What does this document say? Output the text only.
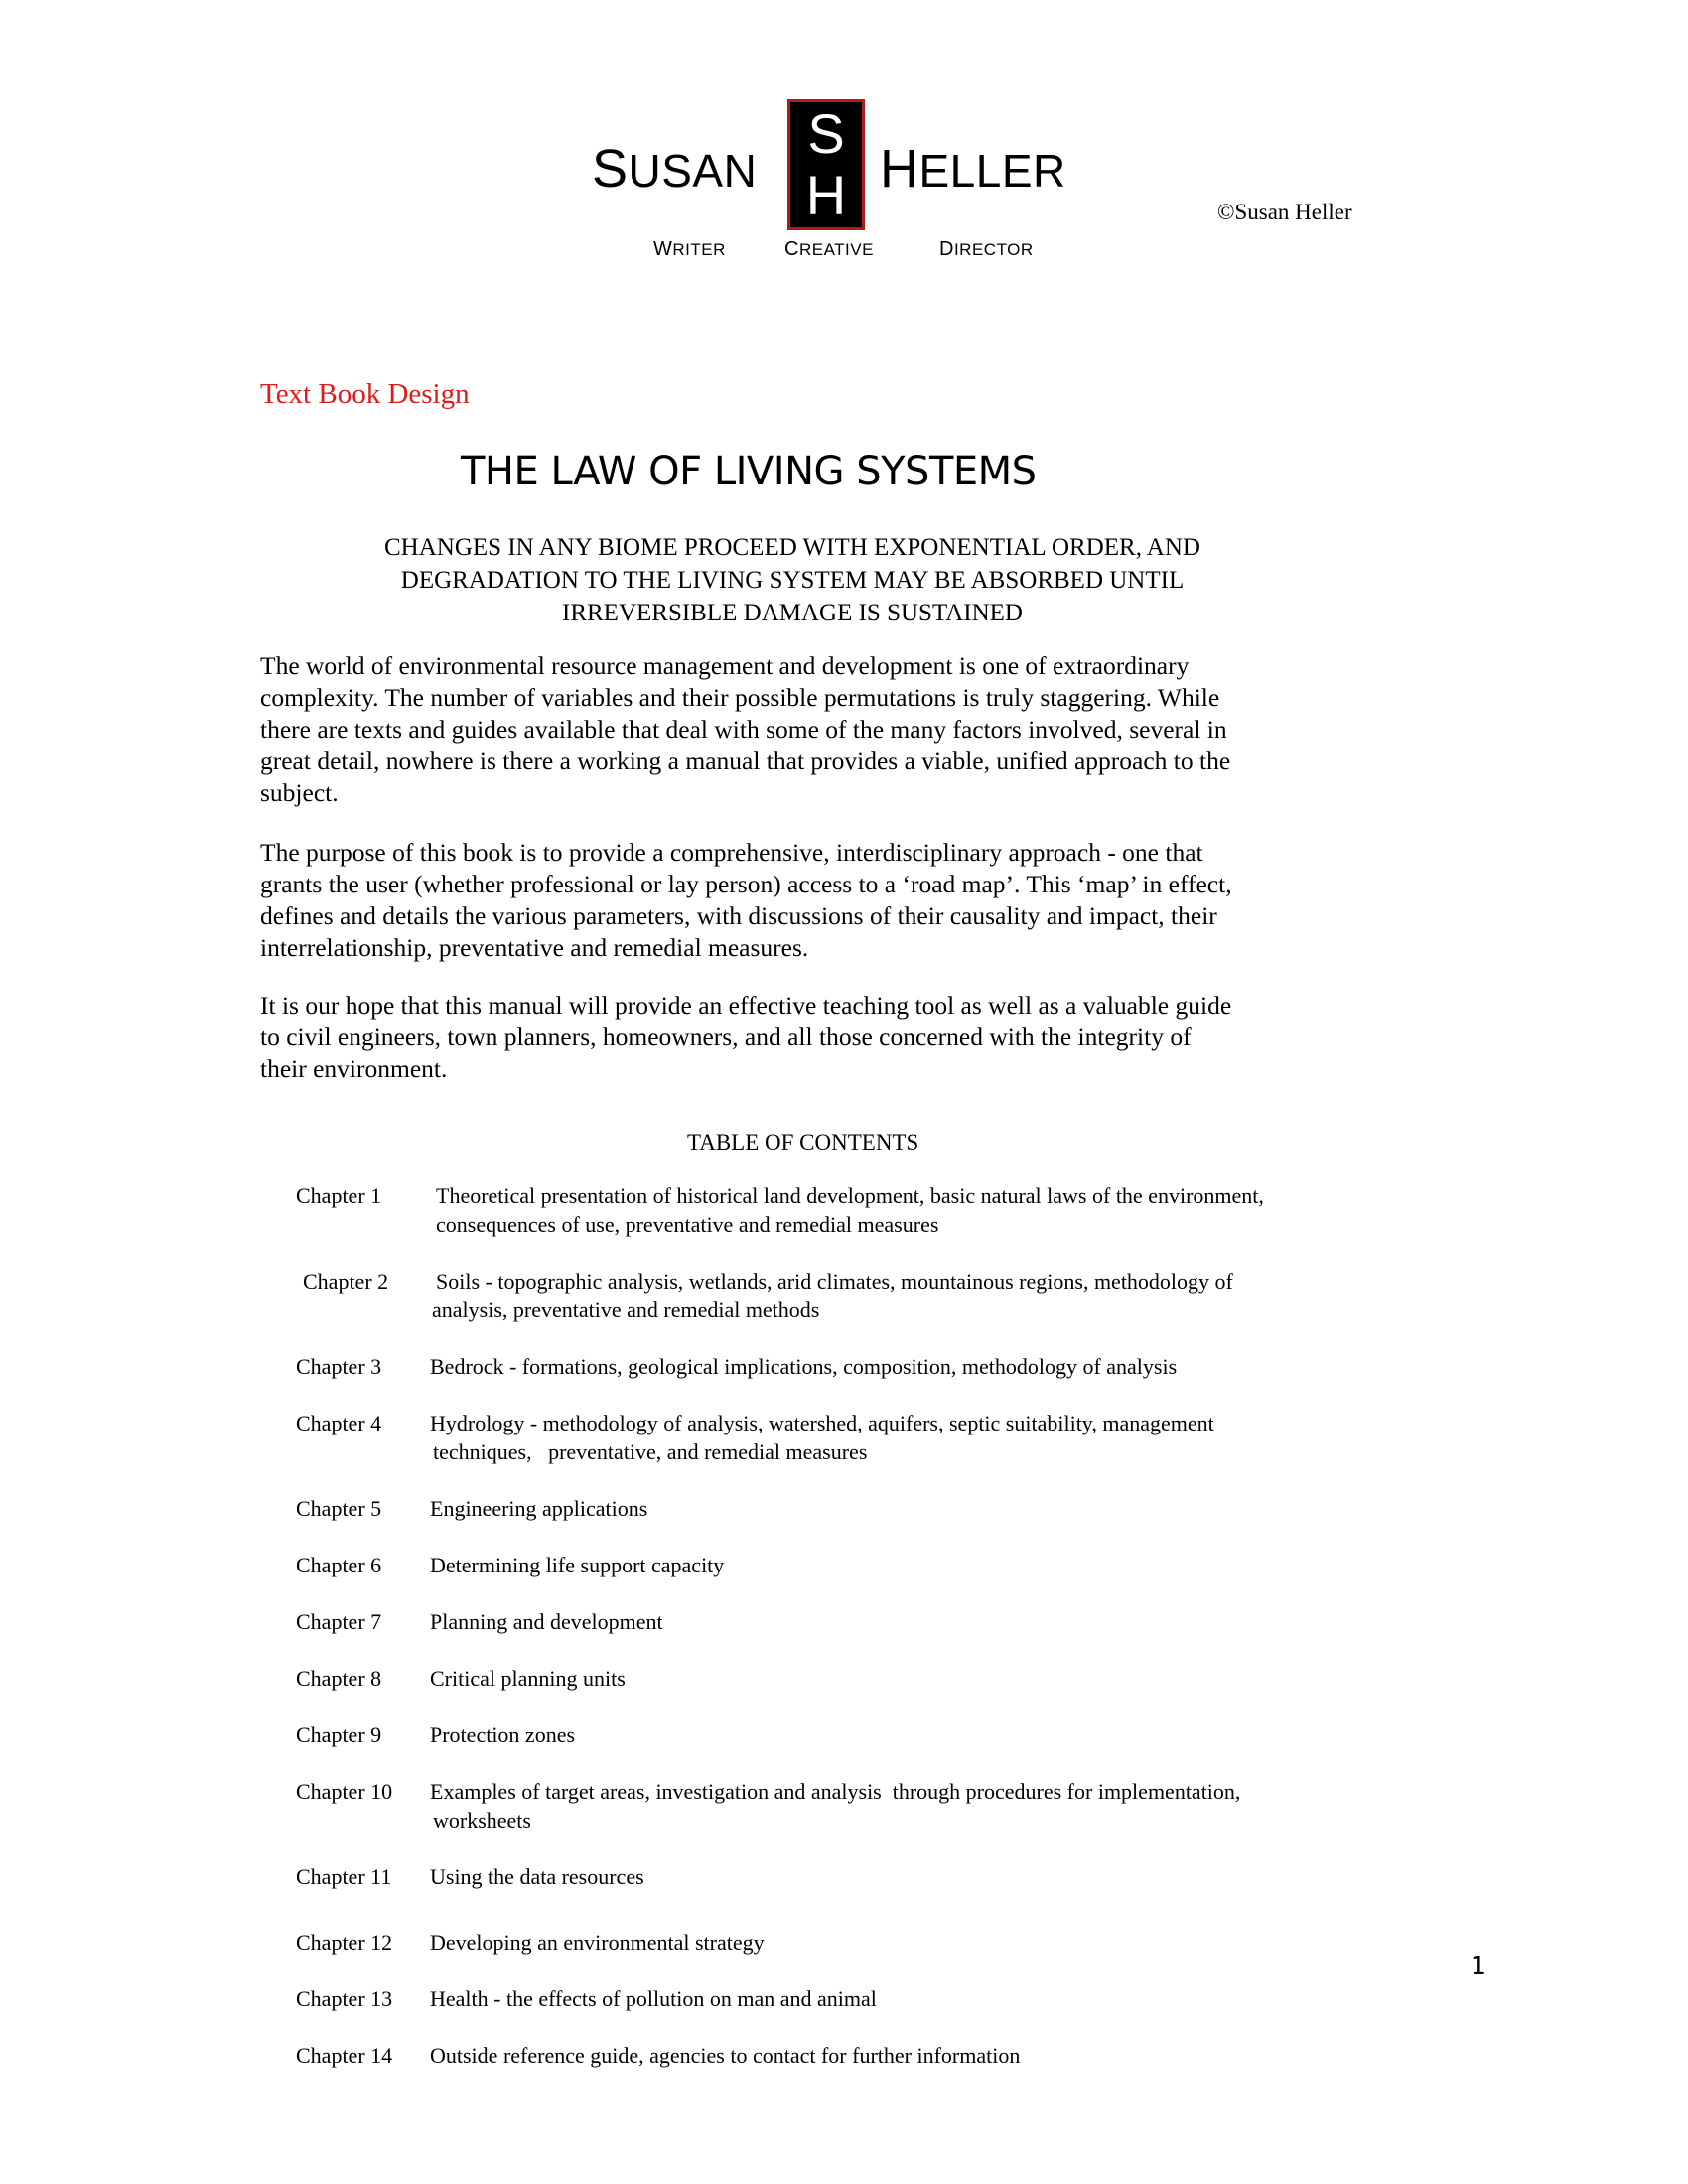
SUSAN
S
H HELLER
WRITER	CREATIVE	DIRECTOR
©Susan Heller
Text Book Design
THE LAW OF LIVING SYSTEMS
CHANGES IN ANY BIOME PROCEED WITH EXPONENTIAL ORDER, AND
DEGRADATION TO THE LIVING SYSTEM MAY BE ABSORBED UNTIL
IRREVERSIBLE DAMAGE IS SUSTAINED
The world of environmental resource management and development is one of extraordinary
complexity. The number of variables and their possible permutations is truly staggering. While
there are texts and guides available that deal with some of the many factors involved, several in
great detail, nowhere is there a working a manual that provides a viable, unified approach to the
subject.
The purpose of this book is to provide a comprehensive, interdisciplinary approach - one that
grants the user (whether professional or lay person) access to a ‘road map’. This ‘map’ in effect,
defines and details the various parameters, with discussions of their causality and impact, their
interrelationship, preventative and remedial measures.
It is our hope that this manual will provide an effective teaching tool as well as a valuable guide
to civil engineers, town planners, homeowners, and all those concerned with the integrity of
their environment.
TABLE OF CONTENTS
Chapter 1 Theoretical presentation of historical land development, basic natural laws of the environment,
consequences of use, preventative and remedial measures
Chapter 2 Soils - topographic analysis, wetlands, arid climates, mountainous regions, methodology of
analysis, preventative and remedial methods
Chapter 3 Bedrock - formations, geological implications, composition, methodology of analysis
Chapter 4 Hydrology - methodology of analysis, watershed, aquifers, septic suitability, management
techniques,   preventative, and remedial measures
Chapter 5 Engineering applications
Chapter 6 Determining life support capacity
Chapter 7 Planning and development
Chapter 8 Critical planning units
Chapter 9 Protection zones
Chapter 10 Examples of target areas, investigation and analysis  through procedures for implementation,
worksheets
Chapter 11 Using the data resources
Chapter 12 Developing an environmental strategy
Chapter 13 Health - the effects of pollution on man and animal
Chapter 14 Outside reference guide, agencies to contact for further information
1
